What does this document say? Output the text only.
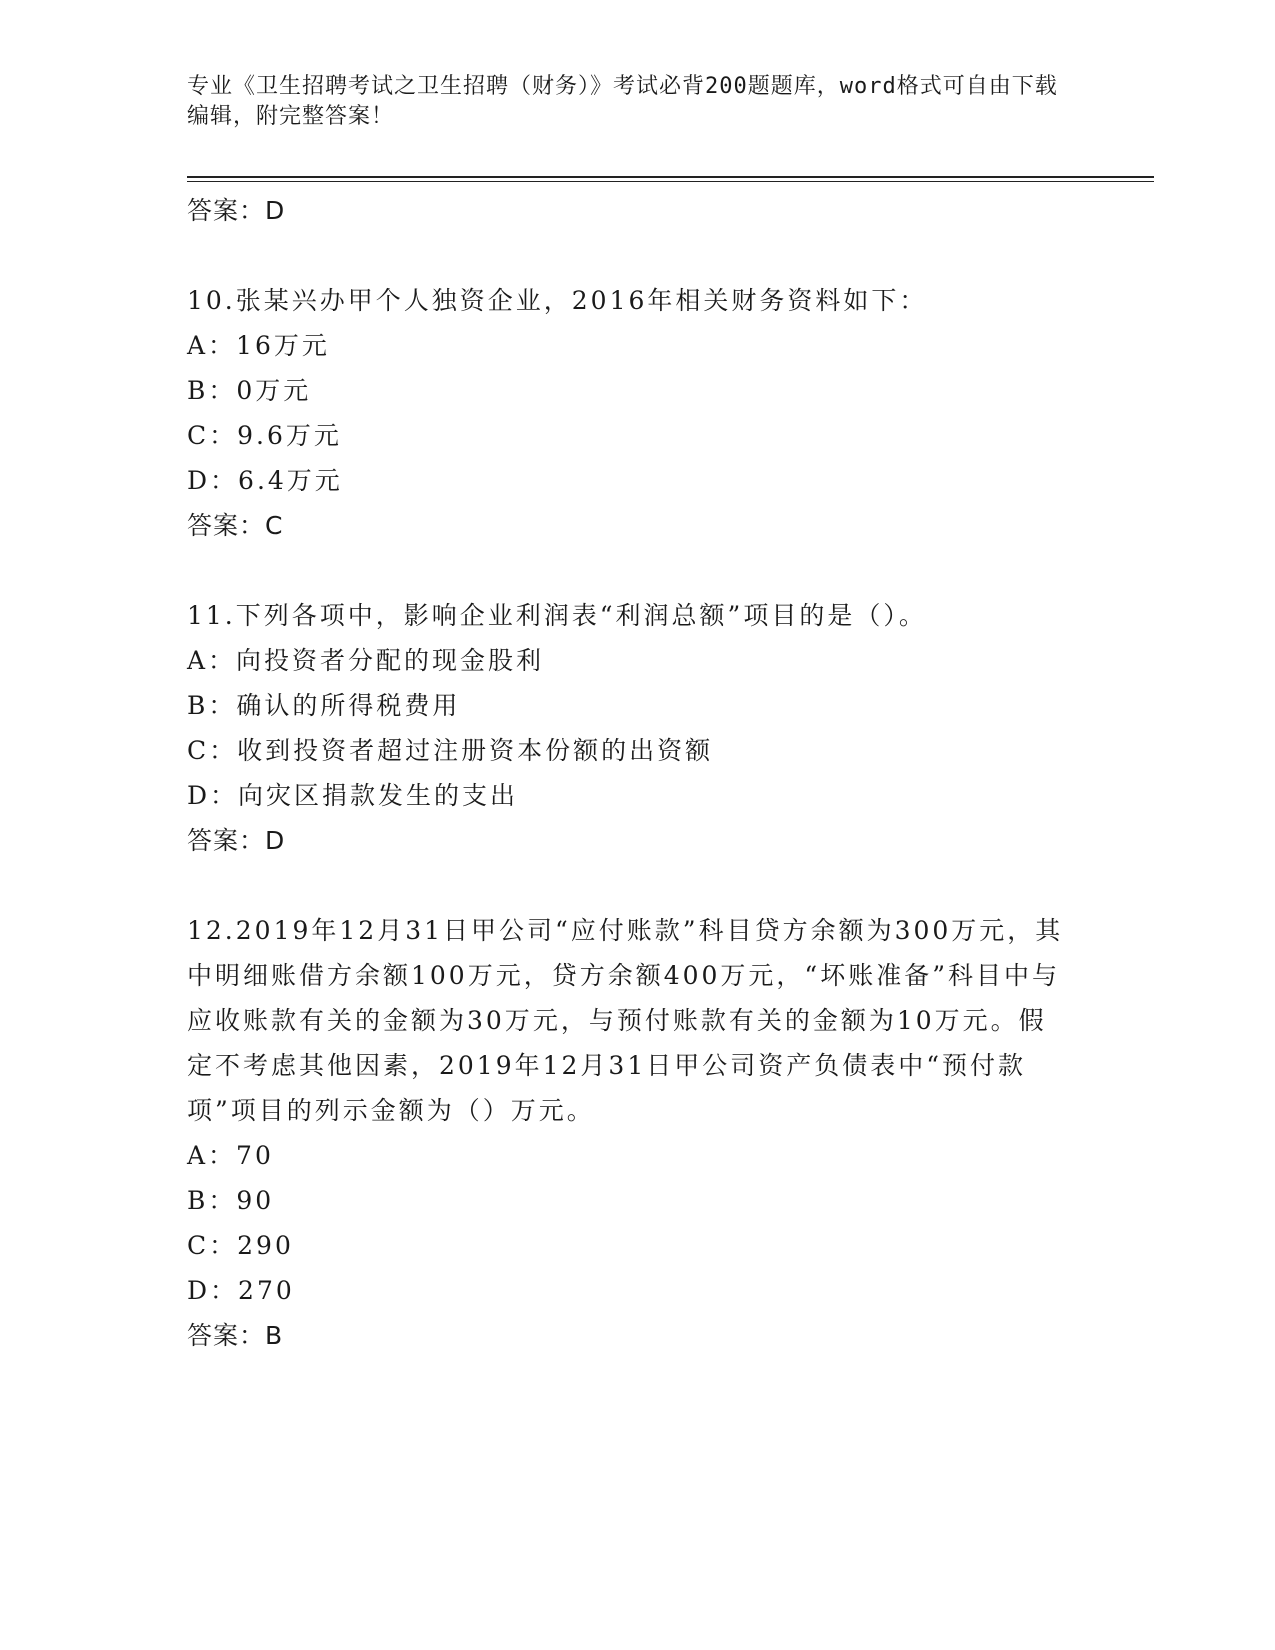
专业《卫生招聘考试之卫生招聘（财务）》考试必背200题题库，word格式可自由下载编辑，附完整答案！
答案：D
10.张某兴办甲个人独资企业，2016年相关财务资料如下：
A：16万元
B：0万元
C：9.6万元
D：6.4万元
答案：C
11.下列各项中，影响企业利润表“利润总额”项目的是（）。
A：向投资者分配的现金股利
B：确认的所得税费用
C：收到投资者超过注册资本份额的出资额
D：向灾区捐款发生的支出
答案：D
12.2019年12月31日甲公司“应付账款”科目贷方余额为300万元，其中明细账借方余额100万元，贷方余额400万元，“坏账准备”科目中与应收账款有关的金额为30万元，与预付账款有关的金额为10万元。假定不考虑其他因素，2019年12月31日甲公司资产负债表中“预付款项”项目的列示金额为（）万元。
A：70
B：90
C：290
D：270
答案：B
